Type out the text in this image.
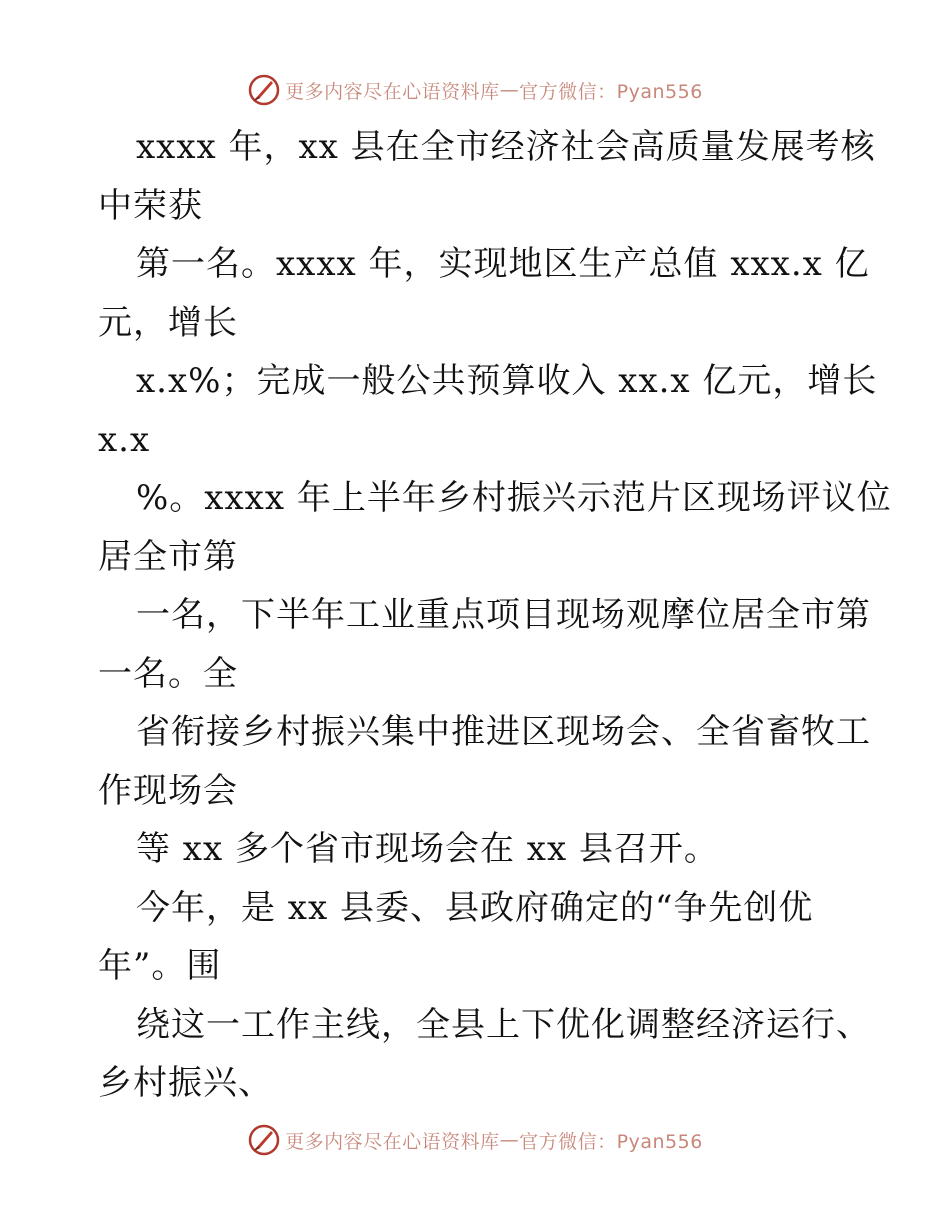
更多内容尽在心语资料库 — 官方微信：Pyan556
xxxx 年，xx 县在全市经济社会高质量发展考核
中荣获
第一名。xxxx 年，实现地区生产总值 xxx.x 亿
元，增长
x.x%；完成一般公共预算收入 xx.x 亿元，增长
x.x
%。xxxx 年上半年乡村振兴示范片区现场评议位
居全市第
一名，下半年工业重点项目现场观摩位居全市第
一名。全
省衔接乡村振兴集中推进区现场会、全省畜牧工
作现场会
等 xx 多个省市现场会在 xx 县召开。
今年，是 xx 县委、县政府确定的“争先创优
年”。围
绕这一工作主线，全县上下优化调整经济运行、
乡村振兴、
更多内容尽在心语资料库 — 官方微信：Pyan556
